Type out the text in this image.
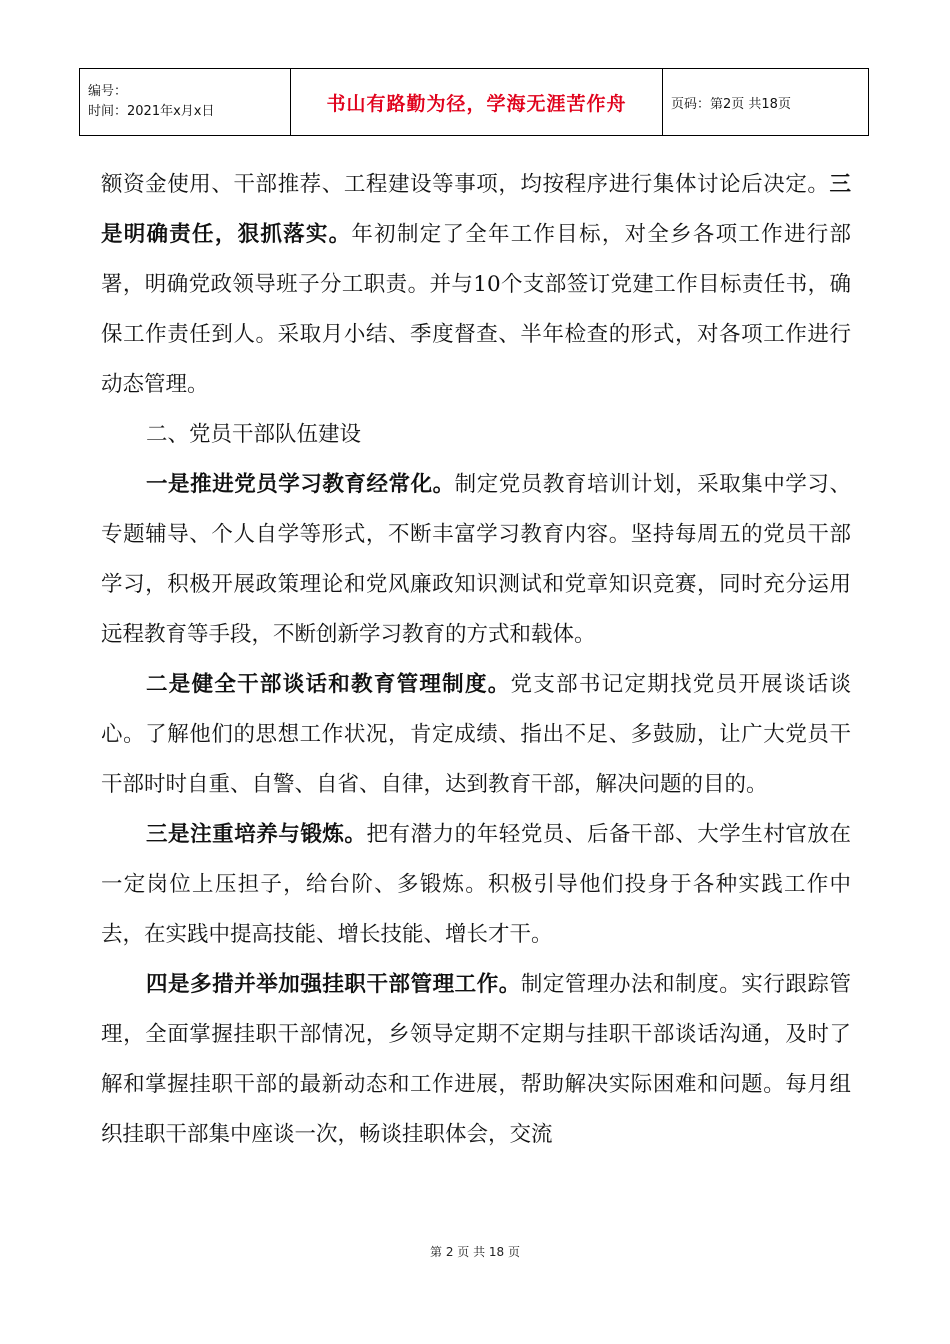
编号：
时间：2021年x月x日	书山有路勤为径，学海无涯苦作舟	页码：第2页 共18页

额资金使用、干部推荐、工程建设等事项，均按程序进行集体讨论后决定。三是明确责任，狠抓落实。年初制定了全年工作目标，对全乡各项工作进行部署，明确党政领导班子分工职责。并与10个支部签订党建工作目标责任书，确保工作责任到人。采取月小结、季度督查、半年检查的形式，对各项工作进行动态管理。

二、党员干部队伍建设

一是推进党员学习教育经常化。制定党员教育培训计划，采取集中学习、专题辅导、个人自学等形式，不断丰富学习教育内容。坚持每周五的党员干部学习，积极开展政策理论和党风廉政知识测试和党章知识竞赛，同时充分运用远程教育等手段，不断创新学习教育的方式和载体。

二是健全干部谈话和教育管理制度。党支部书记定期找党员开展谈话谈心。了解他们的思想工作状况，肯定成绩、指出不足、多鼓励，让广大党员干干部时时自重、自警、自省、自律，达到教育干部，解决问题的目的。

三是注重培养与锻炼。把有潜力的年轻党员、后备干部、大学生村官放在一定岗位上压担子，给台阶、多锻炼。积极引导他们投身于各种实践工作中去，在实践中提高技能、增长技能、增长才干。

四是多措并举加强挂职干部管理工作。制定管理办法和制度。实行跟踪管理，全面掌握挂职干部情况，乡领导定期不定期与挂职干部谈话沟通，及时了解和掌握挂职干部的最新动态和工作进展，帮助解决实际困难和问题。每月组织挂职干部集中座谈一次，畅谈挂职体会，交流

第 2 页 共 18 页
